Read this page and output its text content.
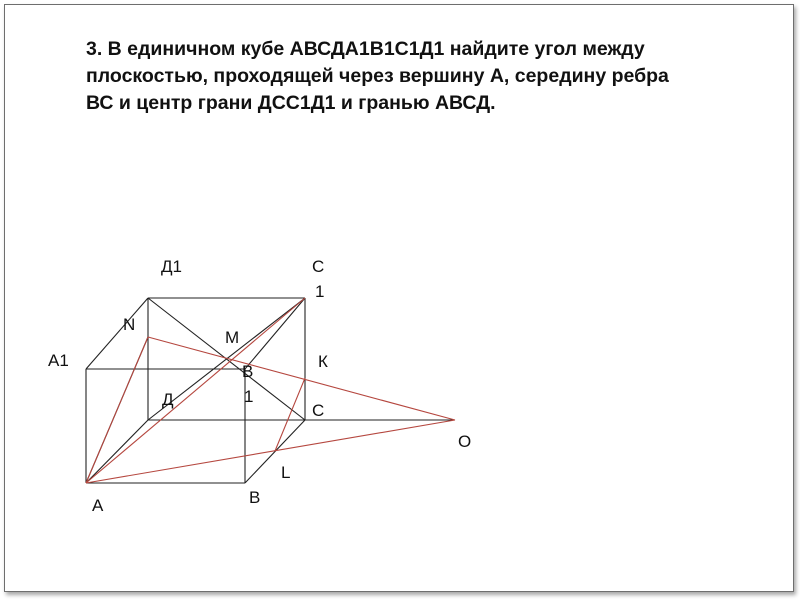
3. В единичном кубе АВСДА1В1С1Д1 найдите угол между
плоскостью, проходящей через вершину А, середину ребра
ВС и центр грани ДСС1Д1 и гранью АВСД.

Д1	С
1
N
M
А1	К
В
1
Д
С
О
L
А	В
